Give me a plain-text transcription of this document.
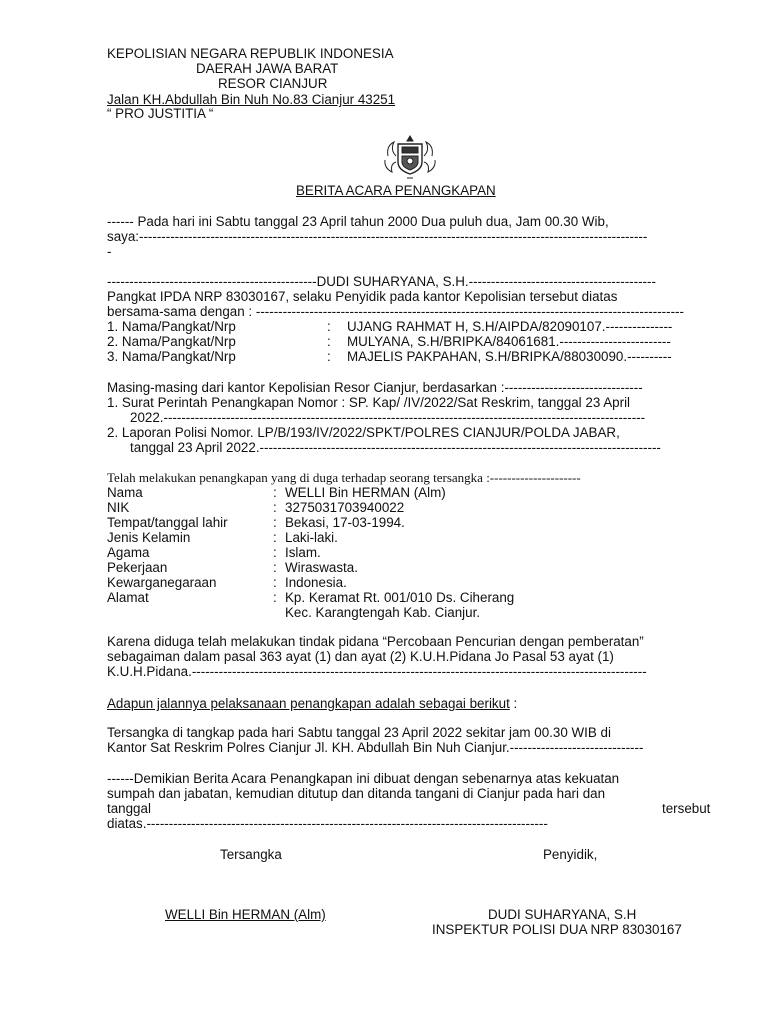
KEPOLISIAN NEGARA REPUBLIK INDONESIA
DAERAH JAWA BARAT
RESOR CIANJUR
Jalan KH.Abdullah Bin Nuh No.83 Cianjur 43251
“ PRO JUSTITIA “
BERITA ACARA PENANGKAPAN
------ Pada hari ini Sabtu tanggal 23 April tahun 2000 Dua puluh dua, Jam 00.30 Wib,
saya:------------------------------------------------------------------------------------------------------------------
-
-----------------------------------------------DUDI SUHARYANA, S.H.------------------------------------------
Pangkat IPDA NRP 83030167, selaku Penyidik pada kantor Kepolisian tersebut diatas
bersama-sama dengan : ------------------------------------------------------------------------------------------------
1. Nama/Pangkat/Nrp	: UJANG RAHMAT H, S.H/AIPDA/82090107.---------------
2. Nama/Pangkat/Nrp	: MULYANA, S.H/BRIPKA/84061681.-------------------------
3. Nama/Pangkat/Nrp	: MAJELIS PAKPAHAN, S.H/BRIPKA/88030090.----------
Masing-masing dari kantor Kepolisian Resor Cianjur, berdasarkan :-------------------------------
1. Surat Perintah Penangkapan Nomor : SP. Kap/ /IV/2022/Sat Reskrim, tanggal 23 April
2022.------------------------------------------------------------------------------------------------------------
2. Laporan Polisi Nomor. LP/B/193/IV/2022/SPKT/POLRES CIANJUR/POLDA JABAR,
tanggal 23 April 2022.------------------------------------------------------------------------------------------
Telah melakukan penangkapan yang di duga terhadap seorang tersangka :---------------------
Nama	: WELLI Bin HERMAN (Alm)
NIK	: 3275031703940022
Tempat/tanggal lahir	: Bekasi, 17-03-1994.
Jenis Kelamin	: Laki-laki.
Agama	: Islam.
Pekerjaan	: Wiraswasta.
Kewarganegaraan	: Indonesia.
Alamat	: Kp. Keramat Rt. 001/010 Ds. Ciherang
Kec. Karangtengah Kab. Cianjur.
Karena diduga telah melakukan tindak pidana “Percobaan Pencurian dengan pemberatan”
sebagaiman dalam pasal 363 ayat (1) dan ayat (2) K.U.H.Pidana Jo Pasal 53 ayat (1)
K.U.H.Pidana.------------------------------------------------------------------------------------------------------
Adapun jalannya pelaksanaan penangkapan adalah sebagai berikut :
Tersangka di tangkap pada hari Sabtu tanggal 23 April 2022 sekitar jam 00.30 WIB di
Kantor Sat Reskrim Polres Cianjur Jl. KH. Abdullah Bin Nuh Cianjur.------------------------------
------Demikian Berita Acara Penangkapan ini dibuat dengan sebenarnya atas kekuatan
sumpah dan jabatan, kemudian ditutup dan ditanda tangani di Cianjur pada hari dan
tanggal	tersebut
diatas.------------------------------------------------------------------------------------------
Tersangka	Penyidik,
WELLI Bin HERMAN (Alm)	DUDI SUHARYANA, S.H
INSPEKTUR POLISI DUA NRP 83030167
